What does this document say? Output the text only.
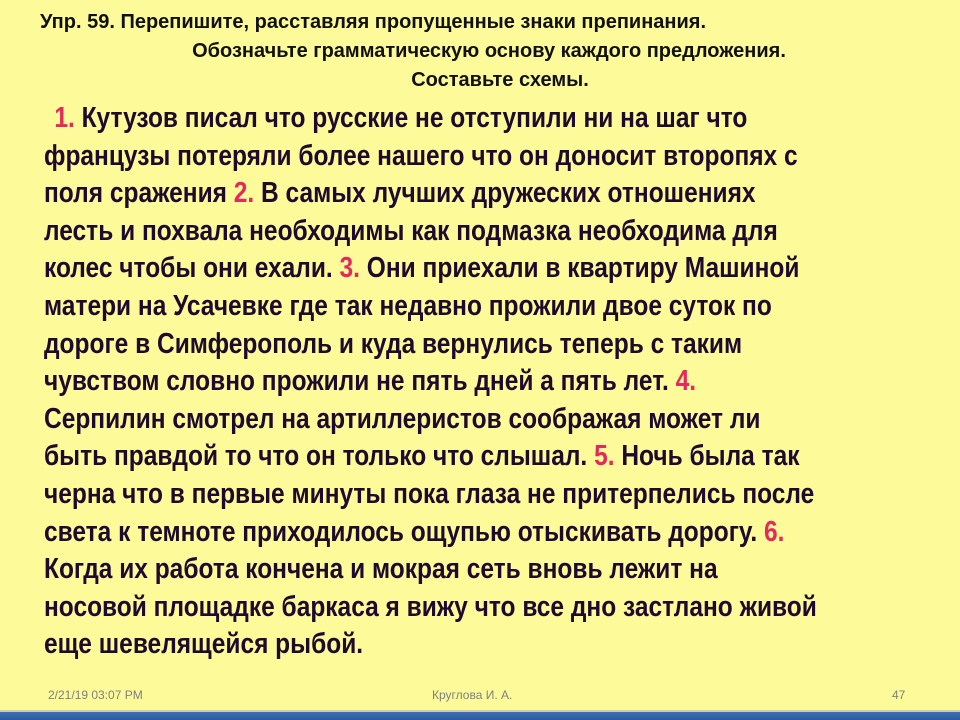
Упр. 59. Перепишите, расставляя пропущенные знаки препинания.
Обозначьте грамматическую основу каждого предложения.
Составьте схемы.
1. Кутузов писал что русские не отступили ни на шаг что
французы потеряли более нашего что он доносит второпях с
поля сражения 2. В самых лучших дружеских отношениях
лесть и похвала необходимы как подмазка необходима для
колес чтобы они ехали. 3. Они приехали в квартиру Машиной
матери на Усачевке где так недавно прожили двое суток по
дороге в Симферополь и куда вернулись теперь с таким
чувством словно прожили не пять дней а пять лет. 4.
Серпилин смотрел на артиллеристов соображая может ли
быть правдой то что он только что слышал. 5. Ночь была так
черна что в первые минуты пока глаза не притерпелись после
света к темноте приходилось ощупью отыскивать дорогу. 6.
Когда их работа кончена и мокрая сеть вновь лежит на
носовой площадке баркаса я вижу что все дно застлано живой
еще шевелящейся рыбой.
2/21/19 03:07 PM	Круглова И. А.	47
